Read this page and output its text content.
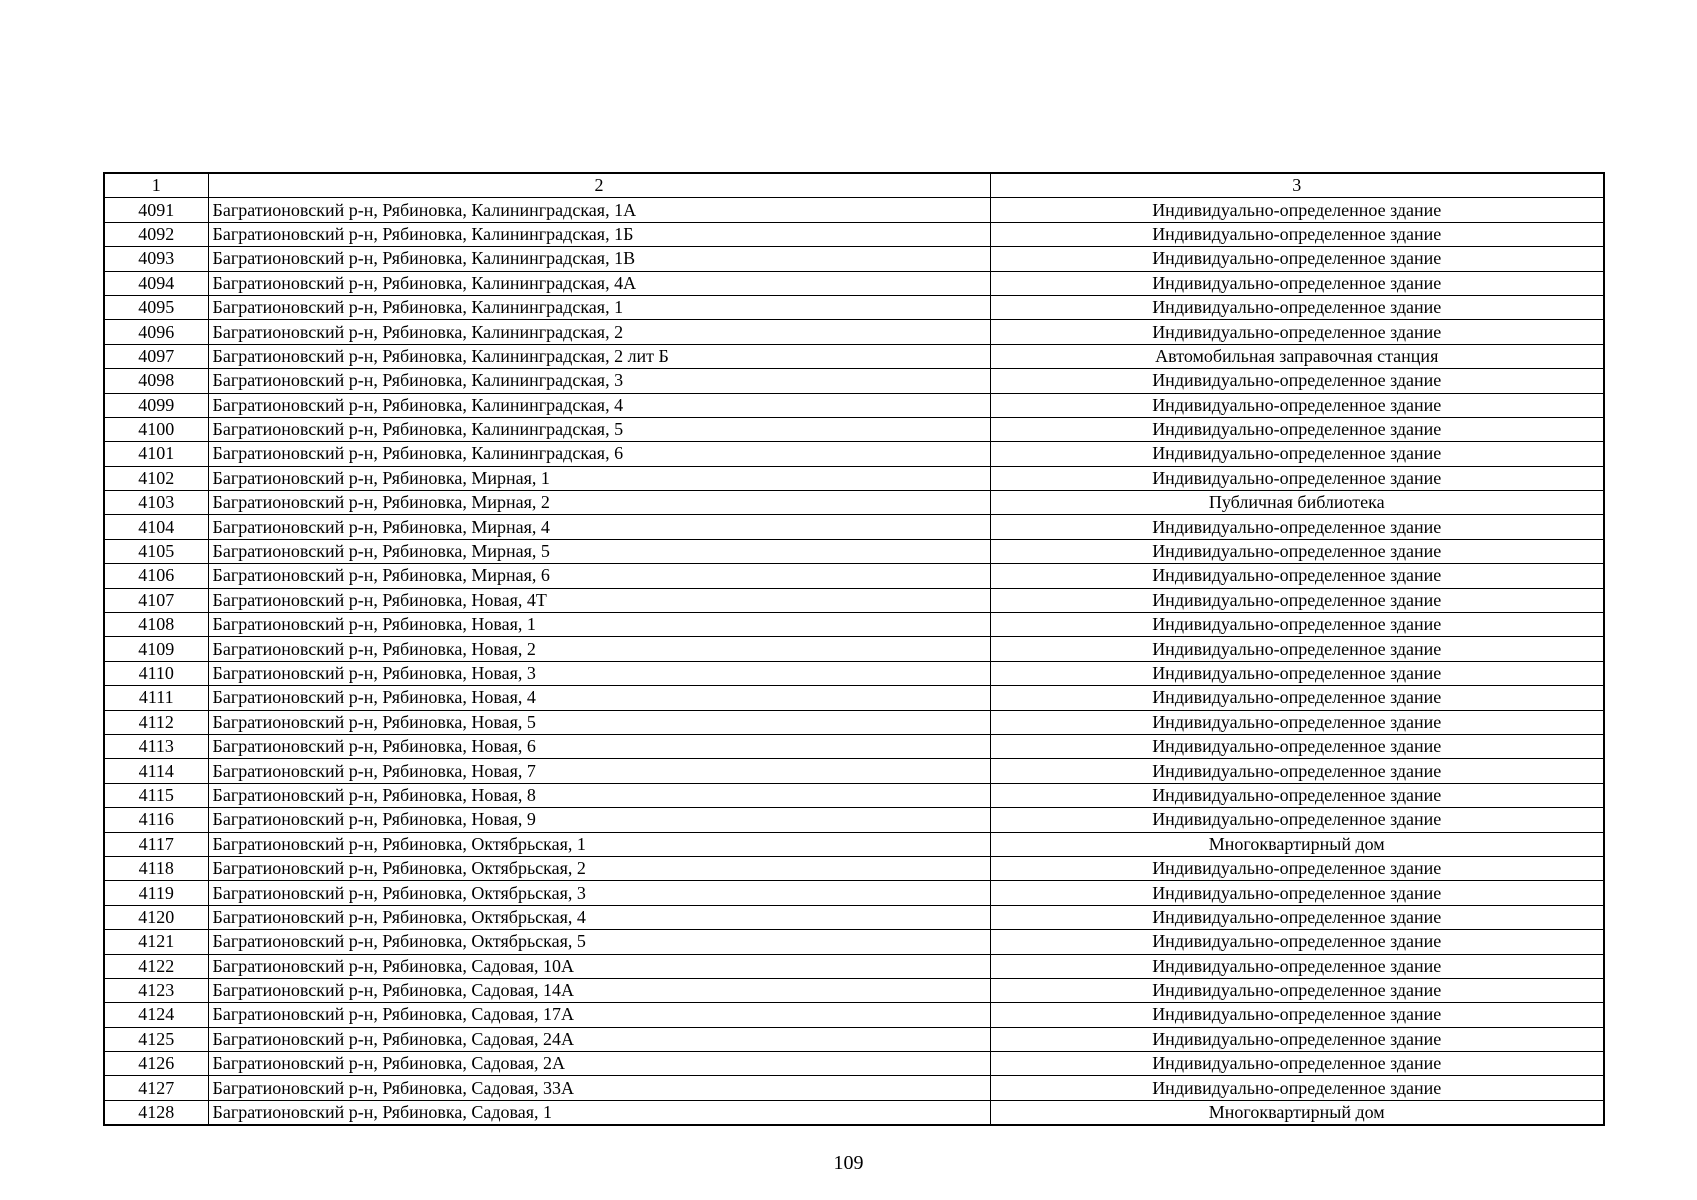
1	2	3
4091	Багратионовский р-н, Рябиновка, Калининградская, 1А	Индивидуально-определенное здание
4092	Багратионовский р-н, Рябиновка, Калининградская, 1Б	Индивидуально-определенное здание
4093	Багратионовский р-н, Рябиновка, Калининградская, 1В	Индивидуально-определенное здание
4094	Багратионовский р-н, Рябиновка, Калининградская, 4А	Индивидуально-определенное здание
4095	Багратионовский р-н, Рябиновка, Калининградская, 1	Индивидуально-определенное здание
4096	Багратионовский р-н, Рябиновка, Калининградская, 2	Индивидуально-определенное здание
4097	Багратионовский р-н, Рябиновка, Калининградская, 2 лит Б	Автомобильная заправочная станция
4098	Багратионовский р-н, Рябиновка, Калининградская, 3	Индивидуально-определенное здание
4099	Багратионовский р-н, Рябиновка, Калининградская, 4	Индивидуально-определенное здание
4100	Багратионовский р-н, Рябиновка, Калининградская, 5	Индивидуально-определенное здание
4101	Багратионовский р-н, Рябиновка, Калининградская, 6	Индивидуально-определенное здание
4102	Багратионовский р-н, Рябиновка, Мирная, 1	Индивидуально-определенное здание
4103	Багратионовский р-н, Рябиновка, Мирная, 2	Публичная библиотека
4104	Багратионовский р-н, Рябиновка, Мирная, 4	Индивидуально-определенное здание
4105	Багратионовский р-н, Рябиновка, Мирная, 5	Индивидуально-определенное здание
4106	Багратионовский р-н, Рябиновка, Мирная, 6	Индивидуально-определенное здание
4107	Багратионовский р-н, Рябиновка, Новая, 4Т	Индивидуально-определенное здание
4108	Багратионовский р-н, Рябиновка, Новая, 1	Индивидуально-определенное здание
4109	Багратионовский р-н, Рябиновка, Новая, 2	Индивидуально-определенное здание
4110	Багратионовский р-н, Рябиновка, Новая, 3	Индивидуально-определенное здание
4111	Багратионовский р-н, Рябиновка, Новая, 4	Индивидуально-определенное здание
4112	Багратионовский р-н, Рябиновка, Новая, 5	Индивидуально-определенное здание
4113	Багратионовский р-н, Рябиновка, Новая, 6	Индивидуально-определенное здание
4114	Багратионовский р-н, Рябиновка, Новая, 7	Индивидуально-определенное здание
4115	Багратионовский р-н, Рябиновка, Новая, 8	Индивидуально-определенное здание
4116	Багратионовский р-н, Рябиновка, Новая, 9	Индивидуально-определенное здание
4117	Багратионовский р-н, Рябиновка, Октябрьская, 1	Многоквартирный дом
4118	Багратионовский р-н, Рябиновка, Октябрьская, 2	Индивидуально-определенное здание
4119	Багратионовский р-н, Рябиновка, Октябрьская, 3	Индивидуально-определенное здание
4120	Багратионовский р-н, Рябиновка, Октябрьская, 4	Индивидуально-определенное здание
4121	Багратионовский р-н, Рябиновка, Октябрьская, 5	Индивидуально-определенное здание
4122	Багратионовский р-н, Рябиновка, Садовая, 10А	Индивидуально-определенное здание
4123	Багратионовский р-н, Рябиновка, Садовая, 14А	Индивидуально-определенное здание
4124	Багратионовский р-н, Рябиновка, Садовая, 17А	Индивидуально-определенное здание
4125	Багратионовский р-н, Рябиновка, Садовая, 24А	Индивидуально-определенное здание
4126	Багратионовский р-н, Рябиновка, Садовая, 2А	Индивидуально-определенное здание
4127	Багратионовский р-н, Рябиновка, Садовая, 33А	Индивидуально-определенное здание
4128	Багратионовский р-н, Рябиновка, Садовая, 1	Многоквартирный дом
109
